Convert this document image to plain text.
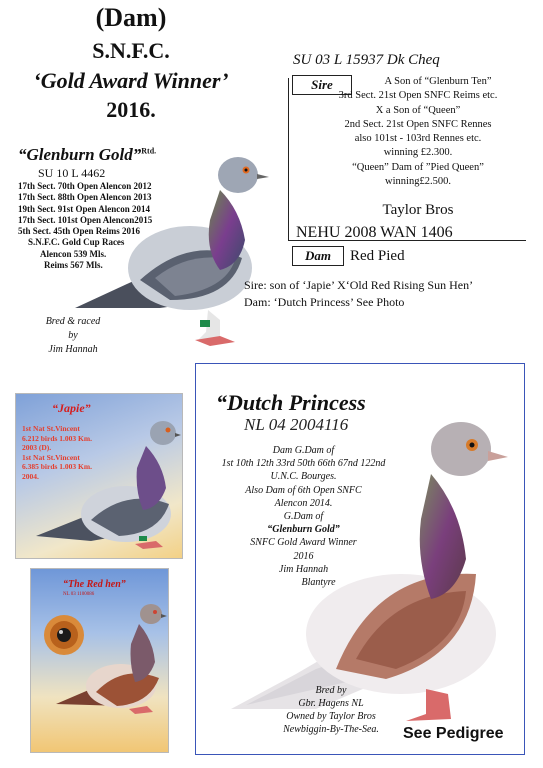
(Dam)
S.N.F.C.
‘Gold Award Winner’
2016.
“Glenburn Gold”$^{Rtd.}$
SU 10 L 4462
17th Sect. 70th Open Alencon 2012
17th Sect. 88th Open Alencon 2013
19th Sect. 91st Open Alencon 2014
17th Sect. 101st Open Alencon2015
5th Sect. 45th Open Reims 2016
S.N.F.C. Gold Cup Races
Alencon 539 Mls.
Reims 567 Mls.
Bred & raced
by
Jim Hannah
SU 03 L 15937 Dk Cheq
Sire	A Son of “Glenburn Ten”
3rd Sect. 21st Open SNFC Reims etc.
X a Son of “Queen”
2nd Sect. 21st Open SNFC Rennes
also 101st - 103rd Rennes etc.
winning £2.300.
“Queen” Dam of ”Pied Queen”
winning£2.500.
Taylor Bros
NEHU 2008 WAN 1406
Dam	Red Pied
Sire: son of ‘Japie’ X‘Old Red Rising Sun Hen’
Dam: ‘Dutch Princess’ See Photo
“Japie”
1st Nat St.Vincent
6.212 birds 1.003 Km.
2003 (D).
1st Nat St.Vincent
6.385 birds 1.003 Km.
2004.
“The Red hen”
NL 03 1100086
“Dutch Princess
NL 04 2004116
Dam G.Dam of
1st 10th 12th 33rd 50th 66th 67nd 122nd
U.N.C. Bourges.
Also Dam of 6th Open SNFC
Alencon 2014.
G.Dam of
“Glenburn Gold”
SNFC Gold Award Winner
2016
Jim Hannah
Blantyre
Bred by
Gbr. Hagens NL
Owned by Taylor Bros
Newbiggin-By-The-Sea.	See Pedigree
